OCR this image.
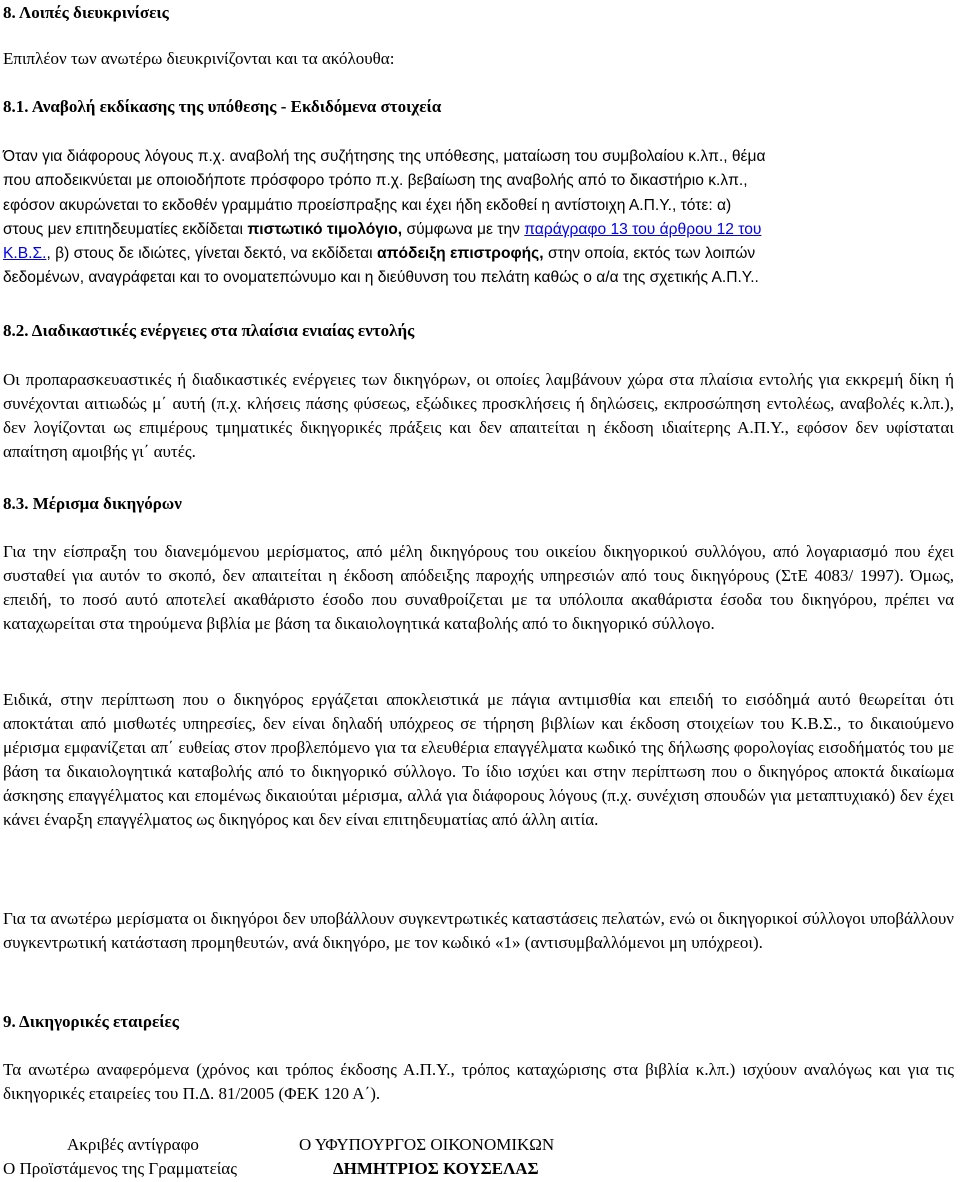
8. Λοιπές διευκρινίσεις

Επιπλέον των ανωτέρω διευκρινίζονται και τα ακόλουθα:

8.1. Αναβολή εκδίκασης της υπόθεσης - Εκδιδόμενα στοιχεία

Όταν για διάφορους λόγους π.χ. αναβολή της συζήτησης της υπόθεσης, ματαίωση του συμβολαίου κ.λπ., θέμα
που αποδεικνύεται με οποιοδήποτε πρόσφορο τρόπο π.χ. βεβαίωση της αναβολής από το δικαστήριο κ.λπ.,
εφόσον ακυρώνεται το εκδοθέν γραμμάτιο προείσπραξης και έχει ήδη εκδοθεί η αντίστοιχη Α.Π.Υ., τότε: α)
στους μεν επιτηδευματίες εκδίδεται πιστωτικό τιμολόγιο, σύμφωνα με την παράγραφο 13 του άρθρου 12 του
Κ.Β.Σ., β) στους δε ιδιώτες, γίνεται δεκτό, να εκδίδεται απόδειξη επιστροφής, στην οποία, εκτός των λοιπών
δεδομένων, αναγράφεται και το ονοματεπώνυμο και η διεύθυνση του πελάτη καθώς ο α/α της σχετικής Α.Π.Υ..

8.2. Διαδικαστικές ενέργειες στα πλαίσια ενιαίας εντολής

Οι προπαρασκευαστικές ή διαδικαστικές ενέργειες των δικηγόρων, οι οποίες λαμβάνουν χώρα στα πλαίσια εντολής για εκκρεμή δίκη ή συνέχονται αιτιωδώς μ΄ αυτή (π.χ. κλήσεις πάσης φύσεως, εξώδικες προσκλήσεις ή δηλώσεις, εκπροσώπηση εντολέως, αναβολές κ.λπ.), δεν λογίζονται ως επιμέρους τμηματικές δικηγορικές πράξεις και δεν απαιτείται η έκδοση ιδιαίτερης Α.Π.Υ., εφόσον δεν υφίσταται απαίτηση αμοιβής γι΄ αυτές.

8.3. Μέρισμα δικηγόρων

Για την είσπραξη του διανεμόμενου μερίσματος, από μέλη δικηγόρους του οικείου δικηγορικού συλλόγου, από λογαριασμό που έχει συσταθεί για αυτόν το σκοπό, δεν απαιτείται η έκδοση απόδειξης παροχής υπηρεσιών από τους δικηγόρους (ΣτΕ 4083/ 1997). Όμως, επειδή, το ποσό αυτό αποτελεί ακαθάριστο έσοδο που συναθροίζεται με τα υπόλοιπα ακαθάριστα έσοδα του δικηγόρου, πρέπει να καταχωρείται στα τηρούμενα βιβλία με βάση τα δικαιολογητικά καταβολής από το δικηγορικό σύλλογο.

Ειδικά, στην περίπτωση που ο δικηγόρος εργάζεται αποκλειστικά με πάγια αντιμισθία και επειδή το εισόδημά αυτό θεωρείται ότι αποκτάται από μισθωτές υπηρεσίες, δεν είναι δηλαδή υπόχρεος σε τήρηση βιβλίων και έκδοση στοιχείων του Κ.Β.Σ., το δικαιούμενο μέρισμα εμφανίζεται απ΄ ευθείας στον προβλεπόμενο για τα ελευθέρια επαγγέλματα κωδικό της δήλωσης φορολογίας εισοδήματός του με βάση τα δικαιολογητικά καταβολής από το δικηγορικό σύλλογο. Το ίδιο ισχύει και στην περίπτωση που ο δικηγόρος αποκτά δικαίωμα άσκησης επαγγέλματος και επομένως δικαιούται μέρισμα, αλλά για διάφορους λόγους (π.χ. συνέχιση σπουδών για μεταπτυχιακό) δεν έχει κάνει έναρξη επαγγέλματος ως δικηγόρος και δεν είναι επιτηδευματίας από άλλη αιτία.

Για τα ανωτέρω μερίσματα οι δικηγόροι δεν υποβάλλουν συγκεντρωτικές καταστάσεις πελατών, ενώ οι δικηγορικοί σύλλογοι υποβάλλουν συγκεντρωτική κατάσταση προμηθευτών, ανά δικηγόρο, με τον κωδικό «1» (αντισυμβαλλόμενοι μη υπόχρεοι).

9. Δικηγορικές εταιρείες

Τα ανωτέρω αναφερόμενα (χρόνος και τρόπος έκδοσης Α.Π.Υ., τρόπος καταχώρισης στα βιβλία κ.λπ.) ισχύουν αναλόγως και για τις δικηγορικές εταιρείες του Π.Δ. 81/2005 (ΦΕΚ 120 Α΄).

Ακριβές αντίγραφο	Ο ΥΦΥΠΟΥΡΓΟΣ ΟΙΚΟΝΟΜΙΚΩΝ
Ο Προϊστάμενος της Γραμματείας	ΔΗΜΗΤΡΙΟΣ ΚΟΥΣΕΛΑΣ
